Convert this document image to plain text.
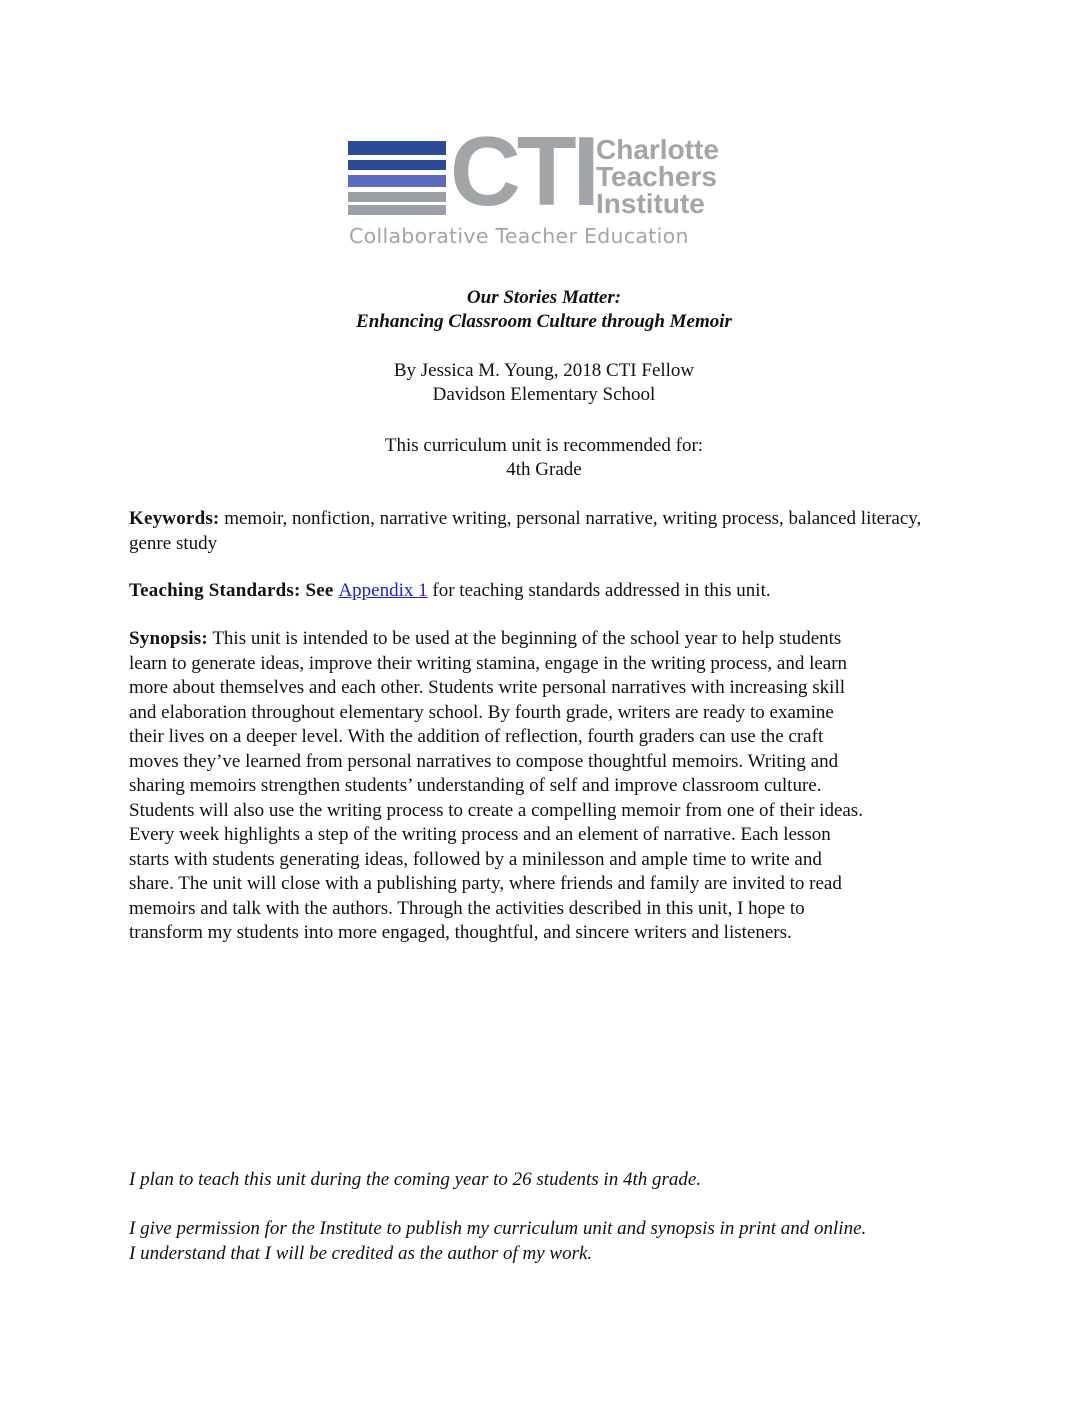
CTI Charlotte
Teachers
Institute
Collaborative Teacher Education
Our Stories Matter:
Enhancing Classroom Culture through Memoir
By Jessica M. Young, 2018 CTI Fellow
Davidson Elementary School
This curriculum unit is recommended for:
4th Grade
Keywords: memoir, nonfiction, narrative writing, personal narrative, writing process, balanced literacy, genre study
Teaching Standards: See Appendix 1 for teaching standards addressed in this unit.
Synopsis: This unit is intended to be used at the beginning of the school year to help students
learn to generate ideas, improve their writing stamina, engage in the writing process, and learn
more about themselves and each other. Students write personal narratives with increasing skill
and elaboration throughout elementary school. By fourth grade, writers are ready to examine
their lives on a deeper level. With the addition of reflection, fourth graders can use the craft
moves they’ve learned from personal narratives to compose thoughtful memoirs. Writing and
sharing memoirs strengthen students’ understanding of self and improve classroom culture.
Students will also use the writing process to create a compelling memoir from one of their ideas.
Every week highlights a step of the writing process and an element of narrative. Each lesson
starts with students generating ideas, followed by a minilesson and ample time to write and
share. The unit will close with a publishing party, where friends and family are invited to read
memoirs and talk with the authors. Through the activities described in this unit, I hope to
transform my students into more engaged, thoughtful, and sincere writers and listeners.
I plan to teach this unit during the coming year to 26 students in 4th grade.
I give permission for the Institute to publish my curriculum unit and synopsis in print and online.
I understand that I will be credited as the author of my work.
